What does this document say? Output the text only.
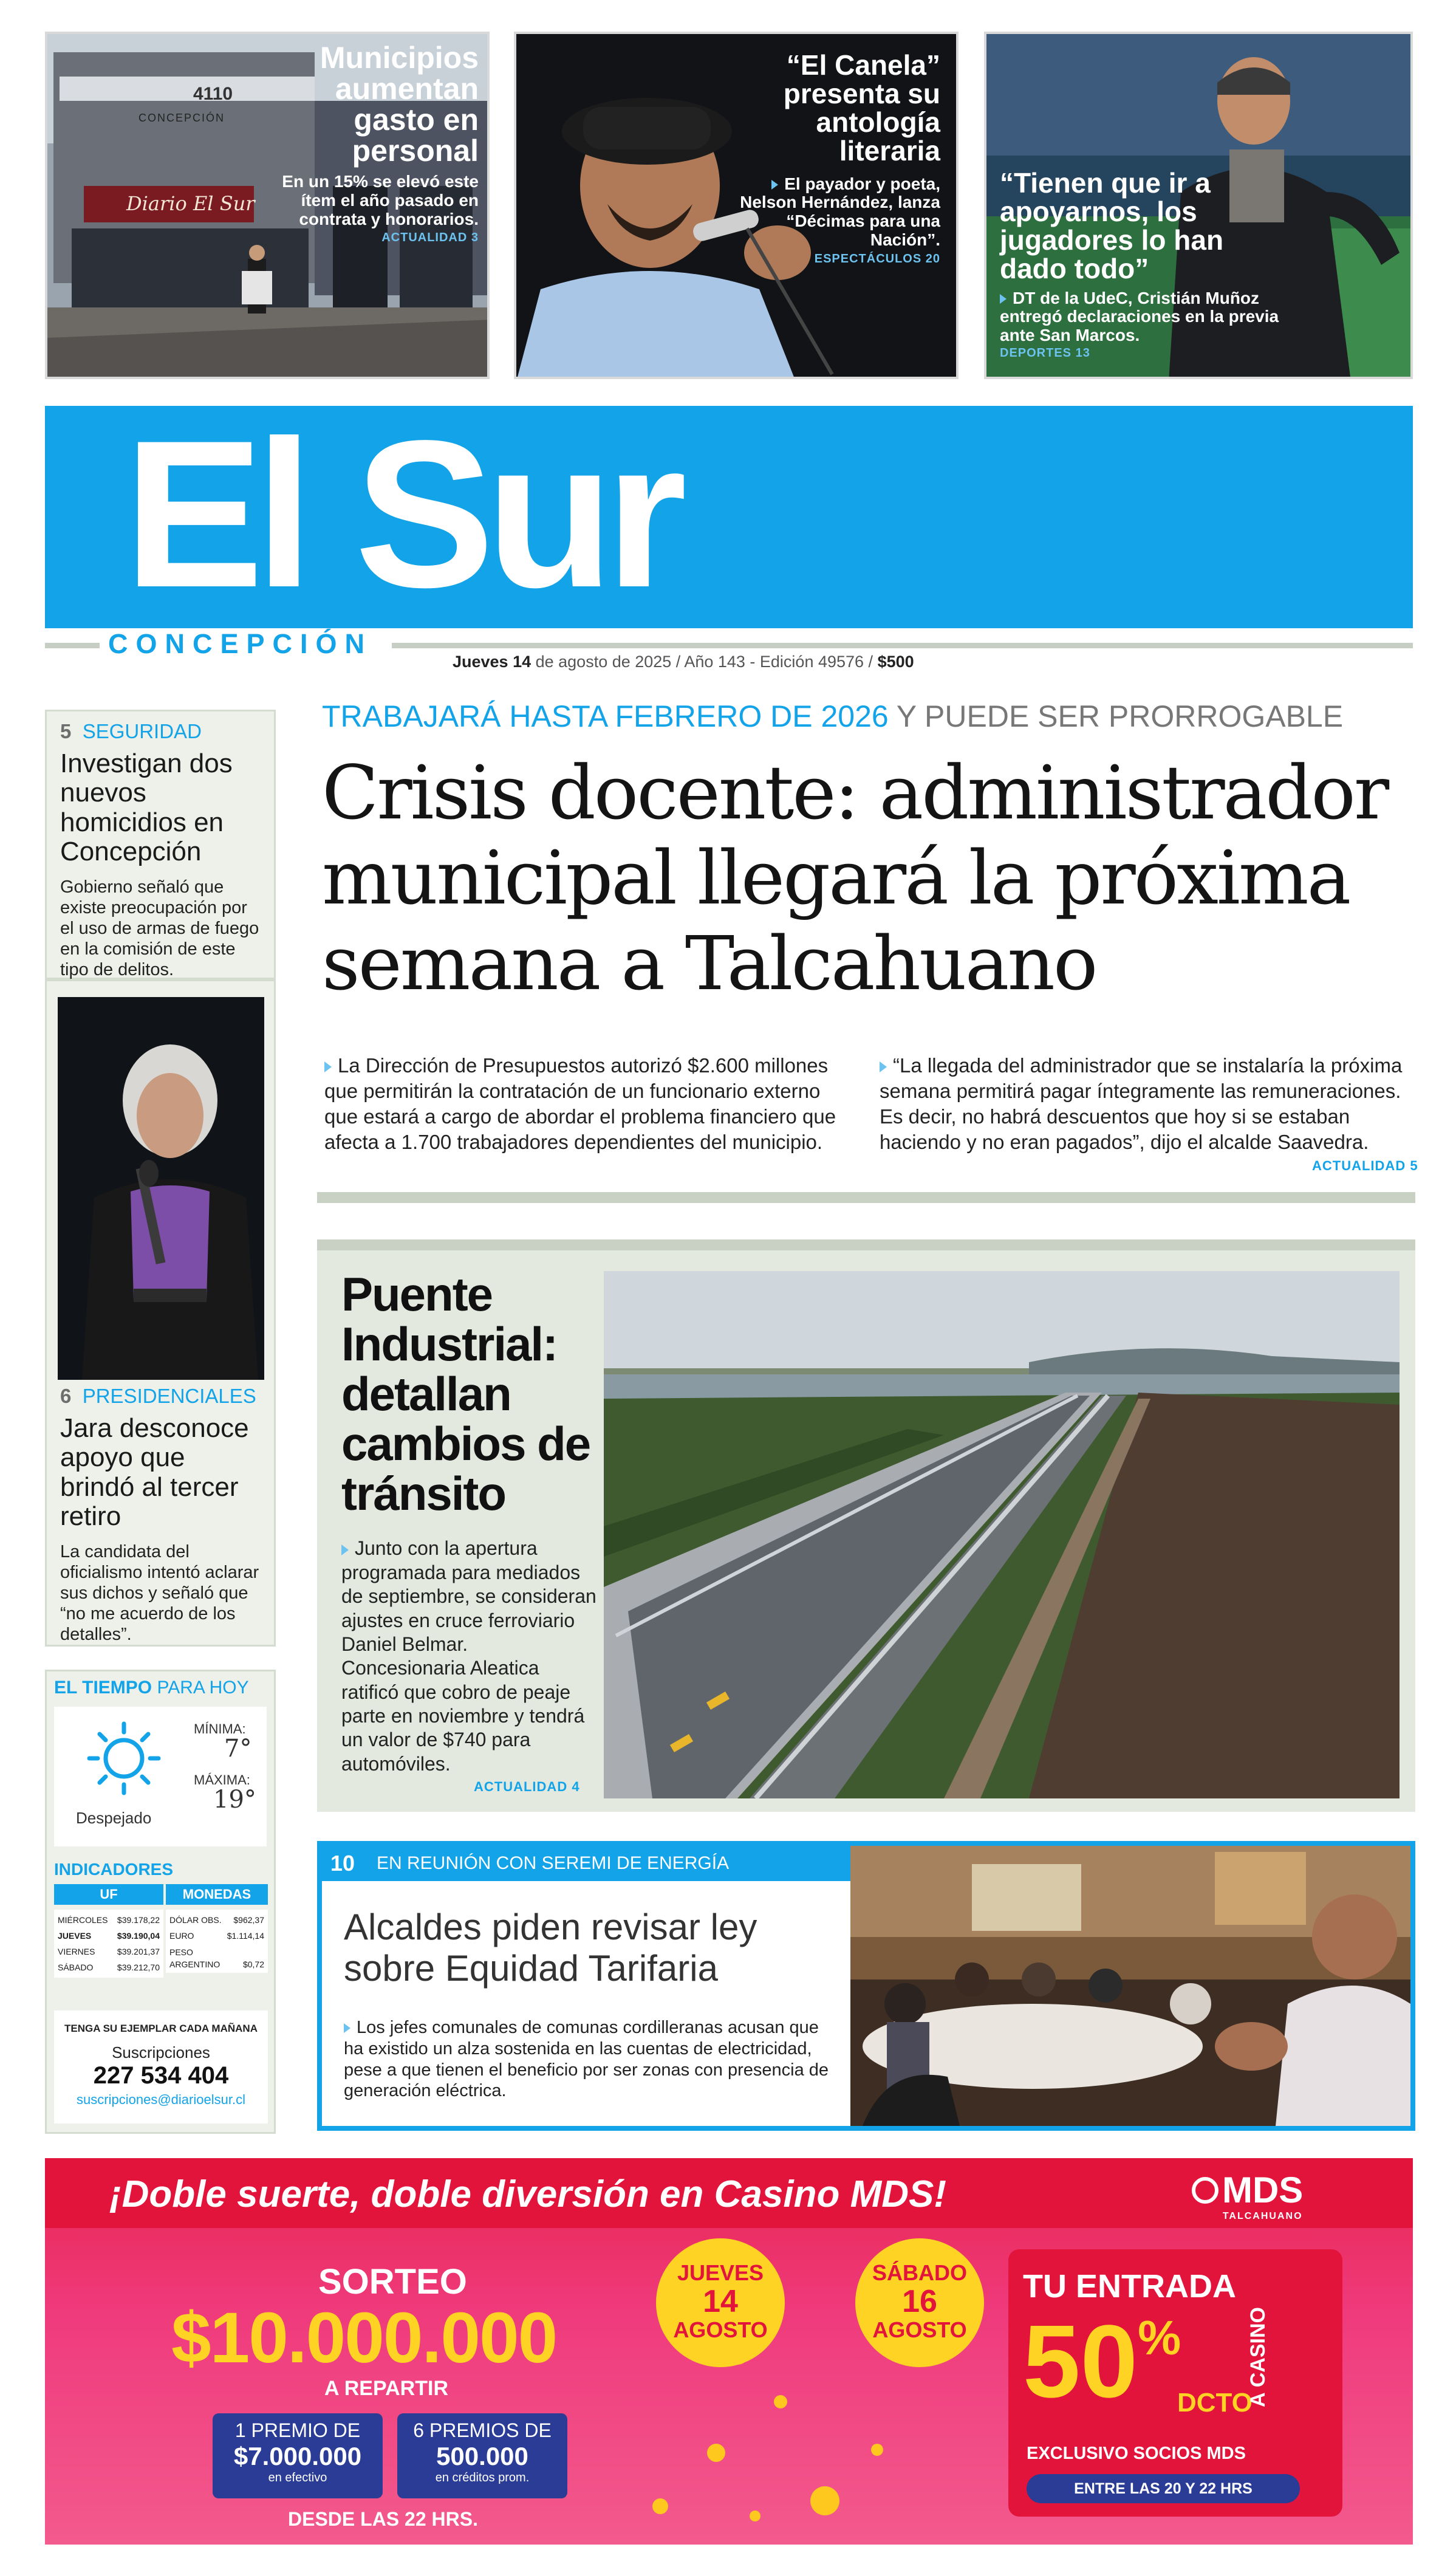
Municipios aumentan gasto en personal
En un 15% se elevó este ítem el año pasado en contrata y honorarios.
ACTUALIDAD 3
Diario El Sur
4110
CONCEPCIÓN
“El Canela” presenta su antología literaria
El payador y poeta, Nelson Hernández, lanza “Décimas para una Nación”.
ESPECTÁCULOS 20
“Tienen que ir a apoyarnos, los jugadores lo han dado todo”
DT de la UdeC, Cristián Muñoz entregó declaraciones en la previa ante San Marcos.
DEPORTES 13
El Sur
CONCEPCIÓN
Jueves 14 de agosto de 2025 / Año 143 - Edición 49576 / $500
5 SEGURIDAD
Investigan dos nuevos homicidios en Concepción
Gobierno señaló que existe preocupación por el uso de armas de fuego en la comisión de este tipo de delitos.
6 PRESIDENCIALES
Jara desconoce apoyo que brindó al tercer retiro
La candidata del oficialismo intentó aclarar sus dichos y señaló que “no me acuerdo de los detalles”.
TRABAJARÁ HASTA FEBRERO DE 2026 Y PUEDE SER PRORROGABLE
Crisis docente: administrador municipal llegará la próxima semana a Talcahuano
La Dirección de Presupuestos autorizó $2.600 millones que permitirán la contratación de un funcionario externo que estará a cargo de abordar el problema financiero que afecta a 1.700 trabajadores dependientes del municipio.
“La llegada del administrador que se instalaría la próxima semana permitirá pagar íntegramente las remuneraciones. Es decir, no habrá descuentos que hoy si se estaban haciendo y no eran pagados”, dijo el alcalde Saavedra.
ACTUALIDAD 5
Puente Industrial: detallan cambios de tránsito
Junto con la apertura programada para mediados de septiembre, se consideran ajustes en cruce ferroviario Daniel Belmar. Concesionaria Aleatica ratificó que cobro de peaje parte en noviembre y tendrá un valor de $740 para automóviles.
ACTUALIDAD 4
EL TIEMPO PARA HOY
Despejado
MÍNIMA:
7°
MÁXIMA:
19°
INDICADORES
UF	MONEDAS
MIÉRCOLES $39.178,22
JUEVES	$39.190,04
VIERNES	$39.201,37
SÁBADO	$39.212,70
DÓLAR OBS. $962,37
EURO	$1.114,14
PESO ARGENTINO	$0,72
TENGA SU EJEMPLAR CADA MAÑANA
Suscripciones
227 534 404
suscripciones@diarioelsur.cl
10 EN REUNIÓN CON SEREMI DE ENERGÍA
Alcaldes piden revisar ley sobre Equidad Tarifaria
Los jefes comunales de comunas cordilleranas acusan que ha existido un alza sostenida en las cuentas de electricidad, pese a que tienen el beneficio por ser zonas con presencia de generación eléctrica.
¡Doble suerte, doble diversión en Casino MDS!	MDS
TALCAHUANO
SORTEO
$10.000.000
A REPARTIR
1 PREMIO DE
$7.000.000
en efectivo
6 PREMIOS DE
500.000
en créditos prom.
DESDE LAS 22 HRS.
JUEVES
14
AGOSTO
SÁBADO
16
AGOSTO
TU ENTRADA
50%
DCTO
A CASINO
EXCLUSIVO SOCIOS MDS
ENTRE LAS 20 Y 22 HRS
